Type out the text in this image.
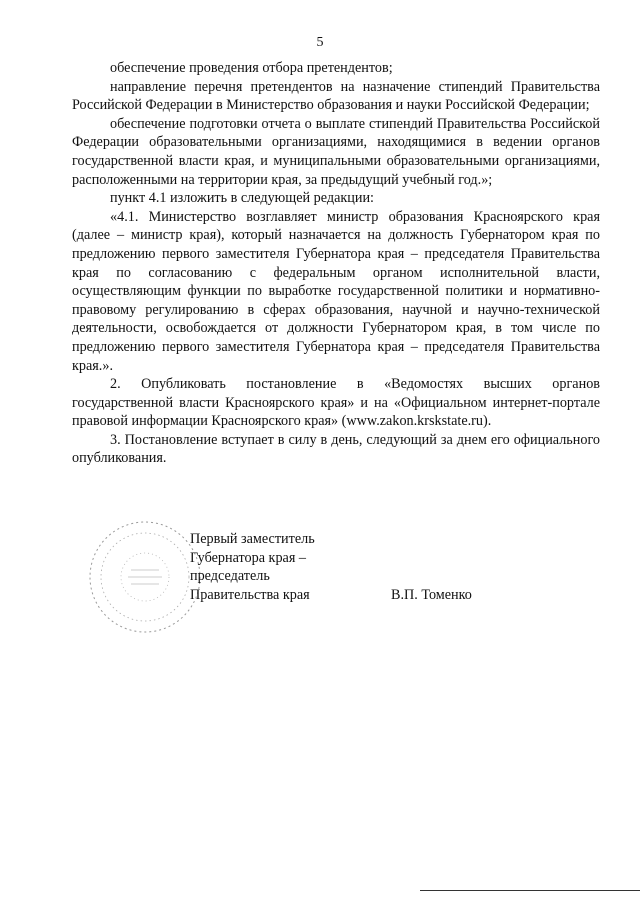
5

обеспечение проведения отбора претендентов;

направление перечня претендентов на назначение стипендий Правительства Российской Федерации в Министерство образования и науки Российской Федерации;

обеспечение подготовки отчета о выплате стипендий Правительства Российской Федерации образовательными организациями, находящимися в ведении органов государственной власти края, и муниципальными образовательными организациями, расположенными на территории края, за предыдущий учебный год.»;

пункт 4.1 изложить в следующей редакции:

«4.1. Министерство возглавляет министр образования Красноярского края (далее – министр края), который назначается на должность Губернатором края по предложению первого заместителя Губернатора края – председателя Правительства края по согласованию с федеральным органом исполнительной власти, осуществляющим функции по выработке государственной политики и нормативно-правовому регулированию в сферах образования, научной и научно-технической деятельности, освобождается от должности Губернатором края, в том числе по предложению первого заместителя Губернатора края – председателя Правительства края.».

2. Опубликовать постановление в «Ведомостях высших органов государственной власти Красноярского края» и на «Официальном интернет-портале правовой информации Красноярского края» (www.zakon.krskstate.ru).

3. Постановление вступает в силу в день, следующий за днем его официального опубликования.

Первый заместитель
Губернатора края –
председатель
Правительства края	В.П. Томенко
